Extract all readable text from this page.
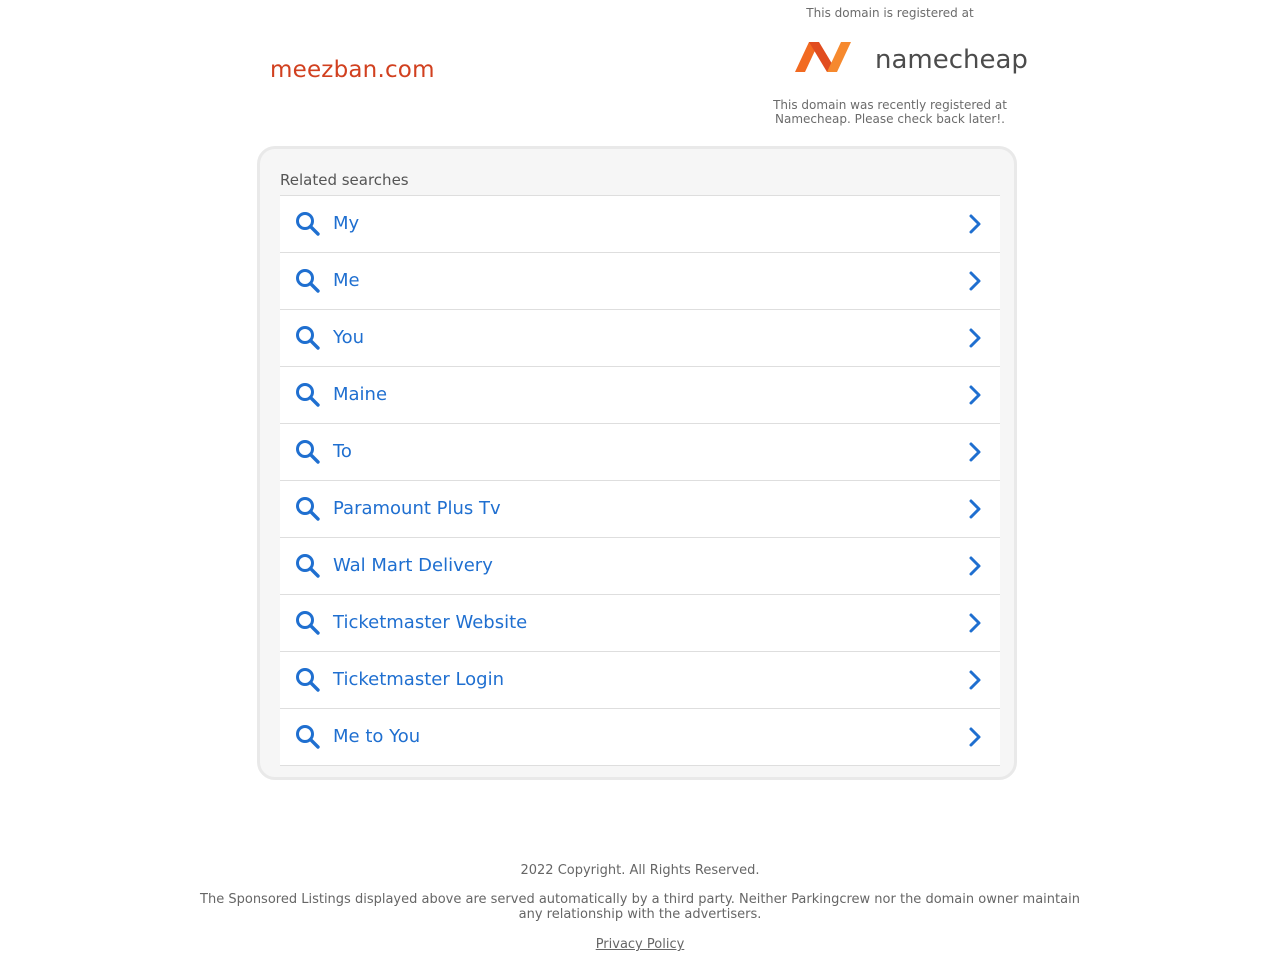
meezban.com
This domain is registered at
namecheap
This domain was recently registered at Namecheap. Please check back later!.
Related searches
My
Me
You
Maine
To
Paramount Plus Tv
Wal Mart Delivery
Ticketmaster Website
Ticketmaster Login
Me to You
2022 Copyright. All Rights Reserved.
The Sponsored Listings displayed above are served automatically by a third party. Neither Parkingcrew nor the domain owner maintain any relationship with the advertisers.
Privacy Policy
